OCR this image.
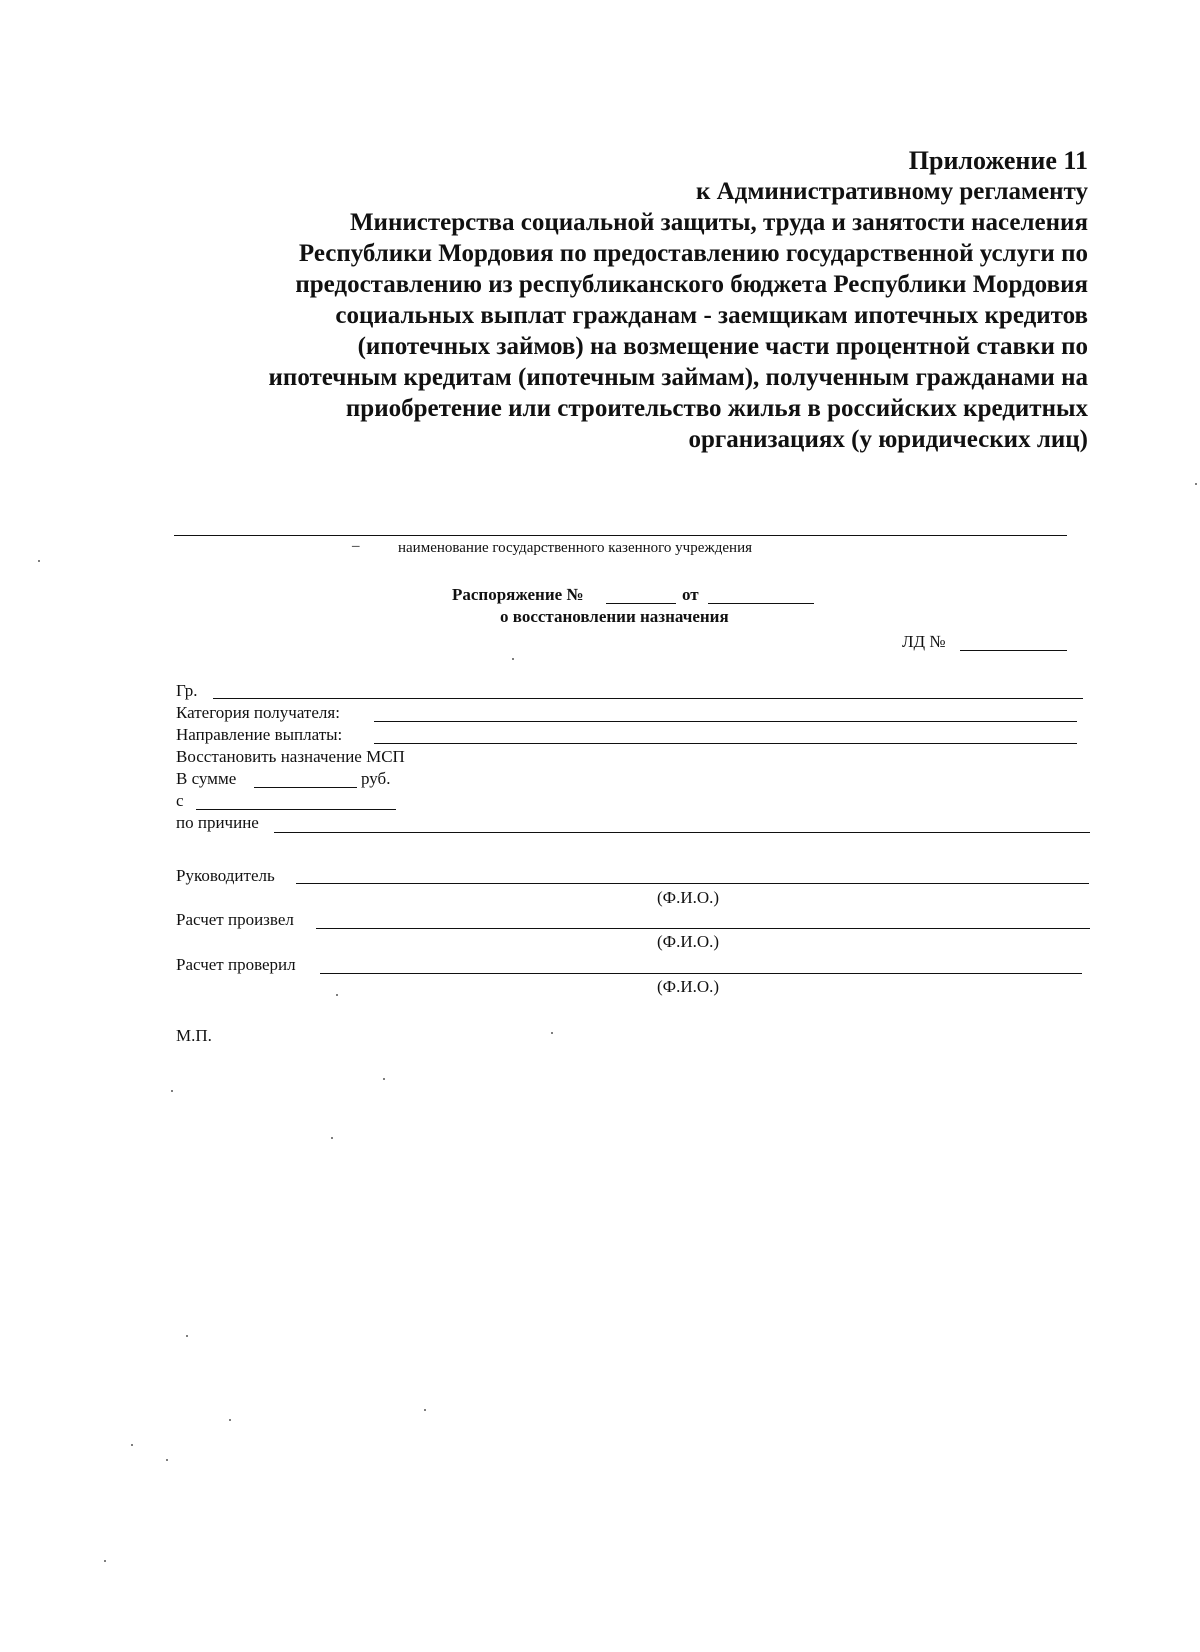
Приложение 11
к Административному регламенту
Министерства социальной защиты, труда и занятости населения
Республики Мордовия по предоставлению государственной услуги по
предоставлению из республиканского бюджета Республики Мордовия
социальных выплат гражданам - заемщикам ипотечных кредитов
(ипотечных займов) на возмещение части процентной ставки по
ипотечным кредитам (ипотечным займам), полученным гражданами на
приобретение или строительство жилья в российских кредитных
организациях (у юридических лиц)
–	наименование государственного казенного учреждения
Распоряжение №	от
о восстановлении назначения
ЛД №
Гр.
Категория получателя:
Направление выплаты:
Восстановить назначение МСП
В сумме	руб.
с
по причине
Руководитель
(Ф.И.О.)
Расчет произвел
(Ф.И.О.)
Расчет проверил
(Ф.И.О.)
М.П.
